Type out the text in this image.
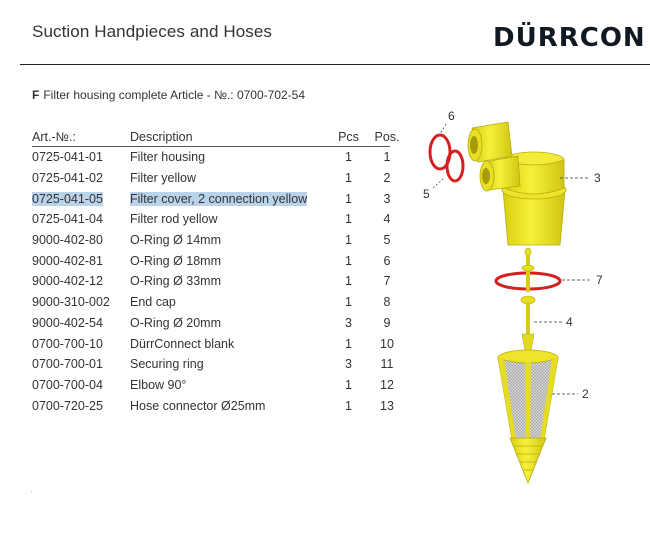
Suction Handpieces and Hoses	DÜRRCON
F Filter housing complete Article - №.: 0700-702-54
Art.-№.:	Description	Pcs	Pos.
0725-041-01	Filter housing	1	1
0725-041-02	Filter yellow	1	2
0725-041-05	Filter cover, 2 connection yellow	1	3
0725-041-04	Filter rod yellow	1	4
9000-402-80	O-Ring Ø 14mm	1	5
9000-402-81	O-Ring Ø 18mm	1	6
9000-402-12	O-Ring Ø 33mm	1	7
9000-310-002	End cap	1	8
9000-402-54	O-Ring Ø 20mm	3	9
0700-700-10	DürrConnect blank	1	10
0700-700-01	Securing ring	3	11
0700-700-04	Elbow 90°	1	12
0700-720-25	Hose connector Ø25mm	1	13
6
5
3
7
4
2
